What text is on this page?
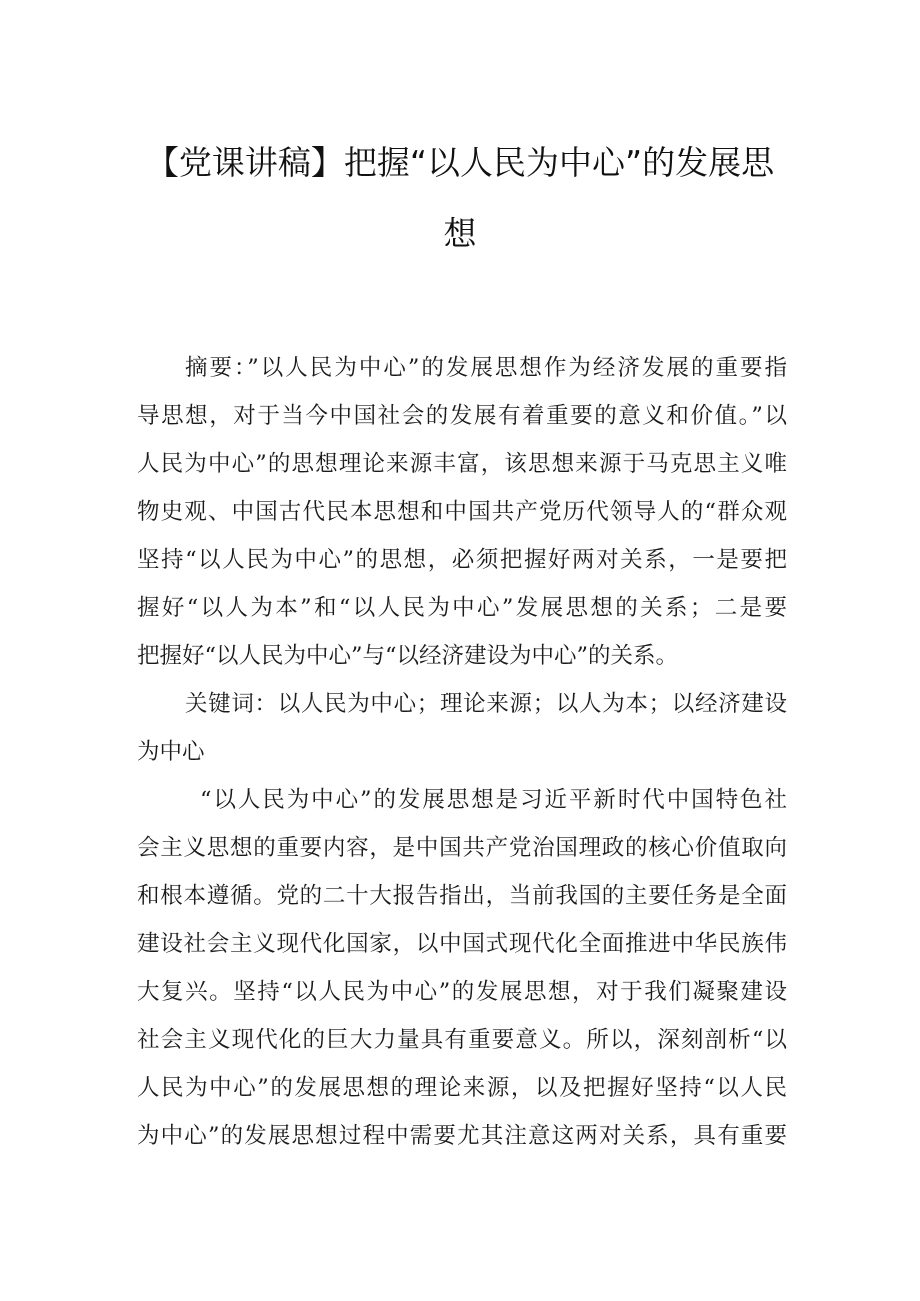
【党课讲稿】把握“以人民为中心”的发展思
想
摘要：”以人民为中心”的发展思想作为经济发展的重要指
导思想，对于当今中国社会的发展有着重要的意义和价值。”以
人民为中心”的思想理论来源丰富，该思想来源于马克思主义唯
物史观、中国古代民本思想和中国共产党历代领导人的“群众观
坚持“以人民为中心”的思想，必须把握好两对关系，一是要把
握好“以人为本”和“以人民为中心”发展思想的关系；二是要
把握好“以人民为中心”与“以经济建设为中心”的关系。
关键词：以人民为中心；理论来源；以人为本；以经济建设
为中心
“以人民为中心”的发展思想是习近平新时代中国特色社
会主义思想的重要内容，是中国共产党治国理政的核心价值取向
和根本遵循。党的二十大报告指出，当前我国的主要任务是全面
建设社会主义现代化国家，以中国式现代化全面推进中华民族伟
大复兴。坚持“以人民为中心”的发展思想，对于我们凝聚建设
社会主义现代化的巨大力量具有重要意义。所以，深刻剖析“以
人民为中心”的发展思想的理论来源，以及把握好坚持“以人民
为中心”的发展思想过程中需要尤其注意这两对关系，具有重要
